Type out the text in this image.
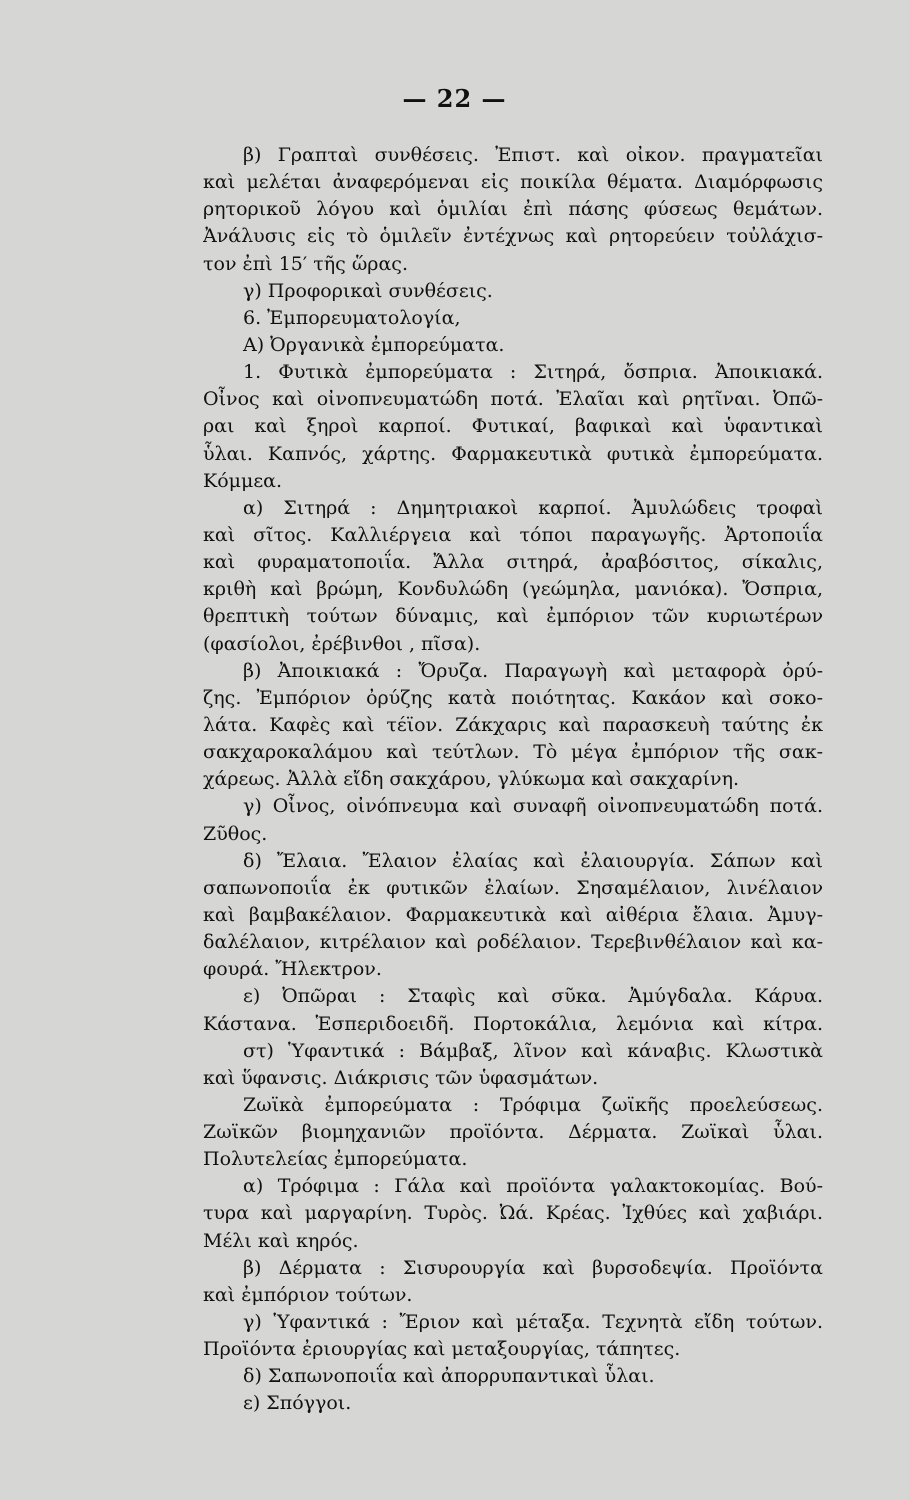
— 22 —
β) Γραπταὶ συνθέσεις. Ἐπιστ. καὶ οἰκον. πραγματεῖαι
καὶ μελέται ἀναφερόμεναι εἰς ποικίλα θέματα. Διαμόρφωσις
ρητορικοῦ λόγου καὶ ὁμιλίαι ἐπὶ πάσης φύσεως θεμάτων.
Ἀνάλυσις εἰς τὸ ὁμιλεῖν ἐντέχνως καὶ ρητορεύειν τοὐλάχισ-
τον ἐπὶ 15′ τῆς ὥρας.
γ) Προφορικαὶ συνθέσεις.
6. Ἐμπορευματολογία,
Α) Ὀργανικὰ ἐμπορεύματα.
1. Φυτικὰ ἐμπορεύματα : Σιτηρά, ὄσπρια. Ἀποικιακά.
Οἶνος καὶ οἰνοπνευματώδη ποτά. Ἐλαῖαι καὶ ρητῖναι. Ὀπῶ-
ραι καὶ ξηροὶ καρποί. Φυτικαί, βαφικαὶ καὶ ὑφαντικαὶ
ὗλαι. Καπνός, χάρτης. Φαρμακευτικὰ φυτικὰ ἐμπορεύματα.
Κόμμεα.
α) Σιτηρά : Δημητριακοὶ καρποί. Ἀμυλώδεις τροφαὶ
καὶ σῖτος. Καλλιέργεια καὶ τόποι παραγωγῆς. Ἀρτοποιΐα
καὶ φυραματοποιΐα. Ἄλλα σιτηρά, ἀραβόσιτος, σίκαλις,
κριθὴ καὶ βρώμη, Κονδυλώδη (γεώμηλα, μανιόκα). Ὄσπρια,
θρεπτικὴ τούτων δύναμις, καὶ ἐμπόριον τῶν κυριωτέρων
(φασίολοι, ἐρέβινθοι , πῖσα).
β) Ἀποικιακά : Ὄρυζα. Παραγωγὴ καὶ μεταφορὰ ὀρύ-
ζης. Ἐμπόριον ὀρύζης κατὰ ποιότητας. Κακάον καὶ σοκο-
λάτα. Καφὲς καὶ τέϊον. Ζάκχαρις καὶ παρασκευὴ ταύτης ἐκ
σακχαροκαλάμου καὶ τεύτλων. Τὸ μέγα ἐμπόριον τῆς σακ-
χάρεως. Ἀλλὰ εἴδη σακχάρου, γλύκωμα καὶ σακχαρίνη.
γ) Οἶνος, οἰνόπνευμα καὶ συναφῆ οἰνοπνευματώδη ποτά.
Ζῦθος.
δ) Ἔλαια. Ἔλαιον ἐλαίας καὶ ἐλαιουργία. Σάπων καὶ
σαπωνοποιΐα ἐκ φυτικῶν ἐλαίων. Σησαμέλαιον, λινέλαιον
καὶ βαμβακέλαιον. Φαρμακευτικὰ καὶ αἰθέρια ἔλαια. Ἀμυγ-
δαλέλαιον, κιτρέλαιον καὶ ροδέλαιον. Τερεβινθέλαιον καὶ κα-
φουρά. Ἤλεκτρον.
ε) Ὀπῶραι : Σταφὶς καὶ σῦκα. Ἀμύγδαλα. Κάρυα.
Κάστανα. Ἑσπεριδοειδῆ. Πορτοκάλια, λεμόνια καὶ κίτρα.
στ) Ὑφαντικά : Βάμβαξ, λῖνον καὶ κάναβις. Κλωστικὰ
καὶ ὕφανσις. Διάκρισις τῶν ὑφασμάτων.
Ζωϊκὰ ἐμπορεύματα : Τρόφιμα ζωϊκῆς προελεύσεως.
Ζωϊκῶν βιομηχανιῶν προϊόντα. Δέρματα. Ζωϊκαὶ ὗλαι.
Πολυτελείας ἐμπορεύματα.
α) Τρόφιμα : Γάλα καὶ προϊόντα γαλακτοκομίας. Βού-
τυρα καὶ μαργαρίνη. Τυρὸς. Ὠά. Κρέας. Ἰχθύες καὶ χαβιάρι.
Μέλι καὶ κηρός.
β) Δέρματα : Σισυρουργία καὶ βυρσοδεψία. Προϊόντα
καὶ ἐμπόριον τούτων.
γ) Ὑφαντικά : Ἔριον καὶ μέταξα. Τεχνητὰ εἴδη τούτων.
Προϊόντα ἐριουργίας καὶ μεταξουργίας, τάπητες.
δ) Σαπωνοποιΐα καὶ ἀπορρυπαντικαὶ ὗλαι.
ε) Σπόγγοι.
